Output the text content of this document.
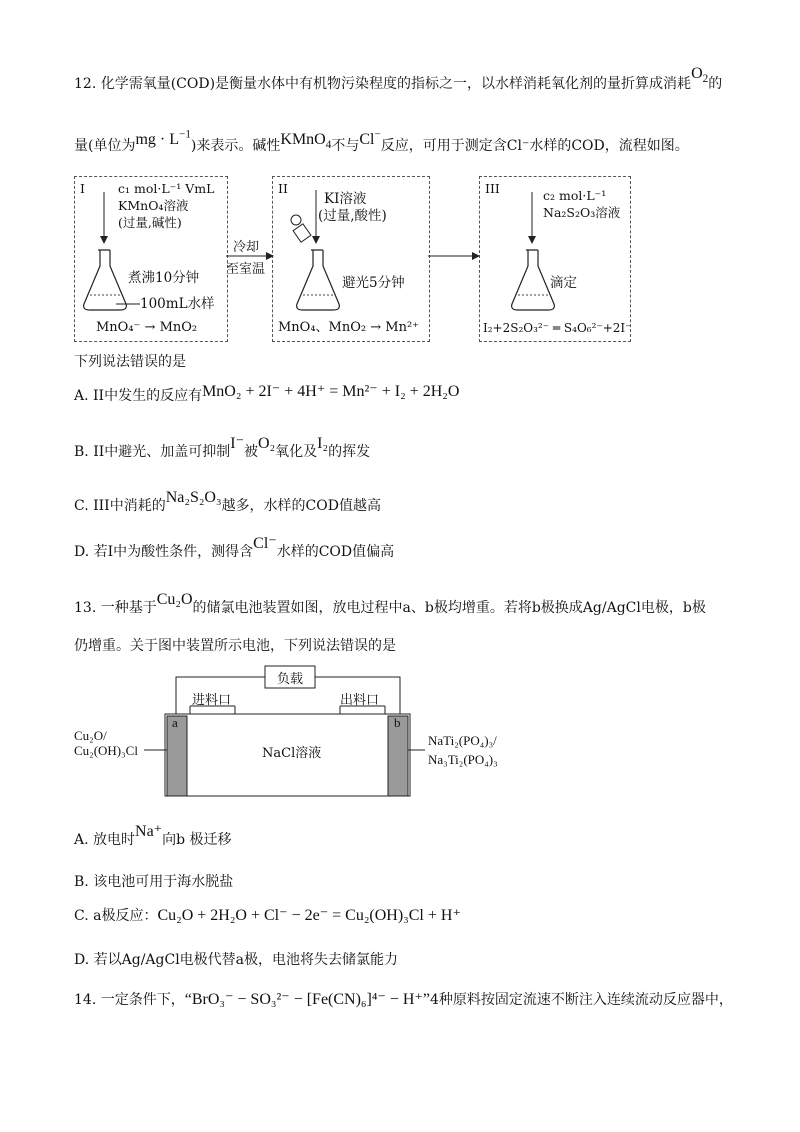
12. 化学需氧量(COD)是衡量水体中有机物污染程度的指标之一，以水样消耗氧化剂的量折算成消耗$O_2$的
量(单位为mg · $L^{-1}$)来表示。碱性KMnO$_4$不与Cl−反应，可用于测定含Cl⁻水样的COD，流程如图。
I	c₁ mol·L⁻¹ VmL
KMnO₄溶液
(过量,碱性)
煮沸10分钟
100mL水样
MnO₄⁻ → MnO₂
冷却
至室温
II
KI溶液
(过量,酸性)
避光5分钟
MnO₄、MnO₂ → Mn²⁺
III	c₂ mol·L⁻¹
Na₂S₂O₃溶液
滴定
I₂+2S₂O₃²⁻ ═ S₄O₆²⁻+2I⁻
下列说法错误的是
A. II中发生的反应有MnO₂ + 2I⁻ + 4H⁺ = Mn²⁻ + I₂ + 2H₂O
B. II中避光、加盖可抑制I⁻被O₂氧化及I₂的挥发
C. III中消耗的Na₂S₂O₃越多，水样的COD值越高
D. 若I中为酸性条件，测得含Cl⁻水样的COD值偏高
13. 一种基于Cu₂O的储氯电池装置如图，放电过程中a、b极均增重。若将b极换成Ag/AgCl电极，b极
仍增重。关于图中装置所示电池，下列说法错误的是
负载
进料口	出料口
a	b
Cu₂O/
Cu₂(OH)₃Cl	NaCl溶液
NaTi₂(PO₄)₃/
Na₃Ti₂(PO₄)₃
A. 放电时Na⁺向b 极迁移
B. 该电池可用于海水脱盐
C. a极反应：Cu₂O + 2H₂O + Cl⁻ − 2e⁻ = Cu₂(OH)₃Cl + H⁺
D. 若以Ag/AgCl电极代替a极，电池将失去储氯能力
14. 一定条件下，“BrO₃⁻ − SO₃²⁻ − [Fe(CN)₆]⁴⁻ − H⁺”4种原料按固定流速不断注入连续流动反应器中，
